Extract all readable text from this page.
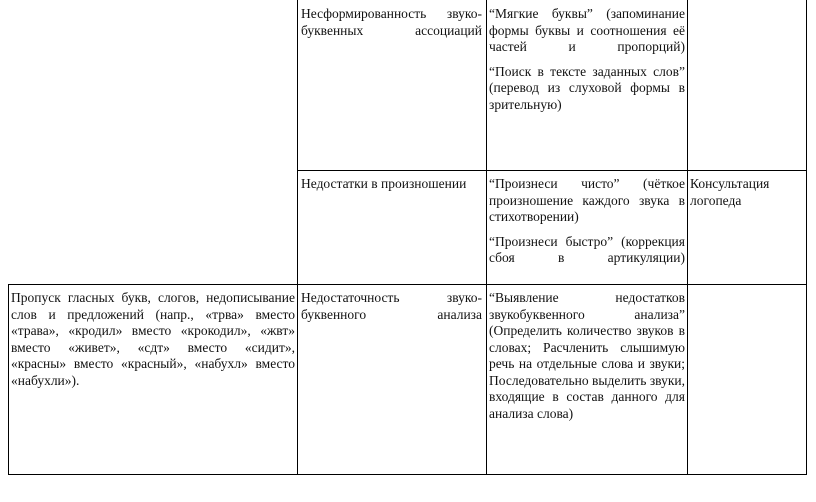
Несформированность звуко-буквенных ассоциаций

“Мягкие буквы” (запоминание формы буквы и соотношения её частей и пропорций)

“Поиск в тексте заданных слов” (перевод из слуховой формы в зрительную)

Недостатки в произношении	“Произнеси чисто” (чёткое произношение каждого звука в стихотворении)

“Произнеси быстро” (коррекция сбоя в артикуляции)

Консультация логопеда

Пропуск гласных букв, слогов, недописывание слов и предложений (напр., «трва» вместо «трава», «кродил» вместо «крокодил», «жвт» вместо «живет», «сдт» вместо «сидит», «красны» вместо «красный», «набухл» вместо «набухли»).

Недостаточность звуко-буквенного анализа

“Выявление недостатков звукобуквенного анализа” (Определить количество звуков в словах; Расчленить слышимую речь на отдельные слова и звуки; Последовательно выделить звуки, входящие в состав данного для анализа слова)
